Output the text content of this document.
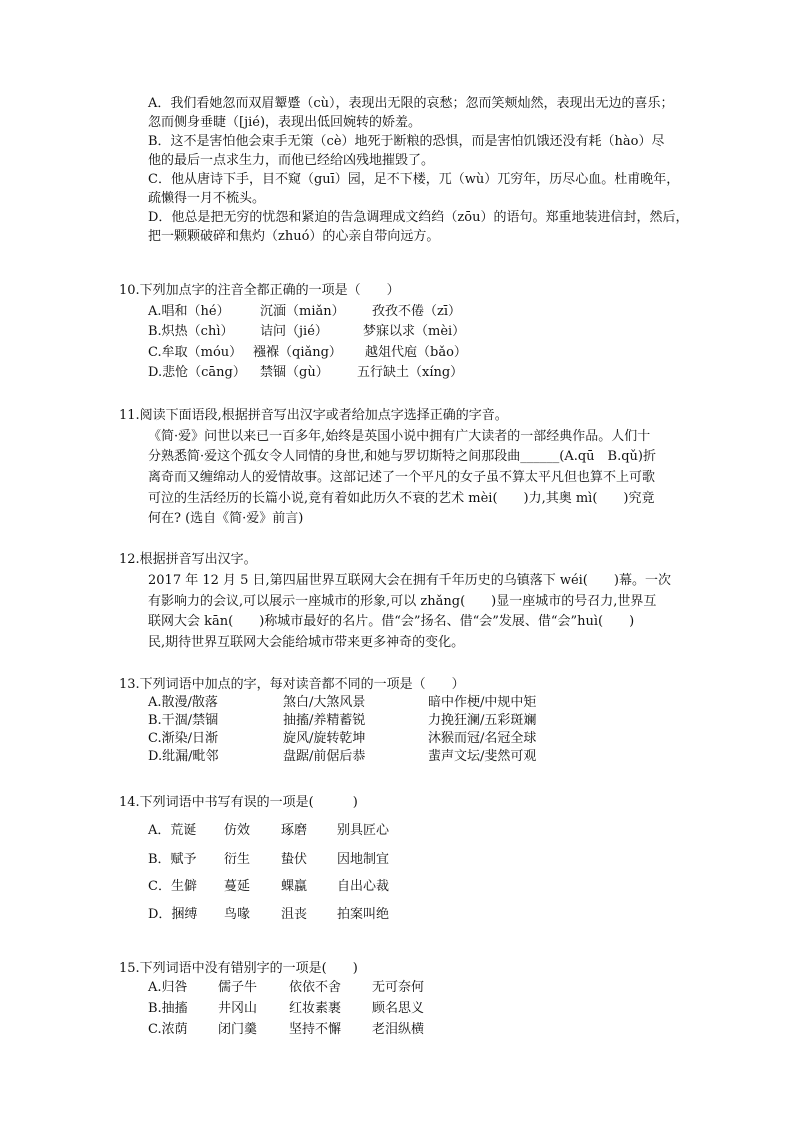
A．我们看她忽而双眉颦蹙（cù），表现出无限的哀愁；忽而笑颊灿然，表现出无边的喜乐；
忽而侧身垂睫（[jié)，表现出低回婉转的娇羞。
B．这不是害怕他会束手无策（cè）地死于断粮的恐惧，而是害怕饥饿还没有耗（hào）尽
他的最后一点求生力，而他已经给凶残地摧毁了。
C．他从唐诗下手，目不窥（guī）园，足不下楼，兀（wù）兀穷年，历尽心血。杜甫晚年，
疏懒得一月不梳头。
D．他总是把无穷的忧怨和紧迫的告急调理成文绉绉（zōu）的语句。郑重地装进信封，然后，
把一颗颗破碎和焦灼（zhuó）的心亲自带向远方。
10.下列加点字的注音全都正确的一项是（　　）
A.唱和（hé） 沉湎（miǎn） 孜孜不倦（zī）
B.炽热（chì） 诘问（jié）	梦寐以求（mèi）
C.牟取（móu） 襁褓（qiǎng） 越俎代庖（bǎo）
D.悲怆（cāng） 禁锢（gù） 五行缺土（xíng）
11.阅读下面语段,根据拼音写出汉字或者给加点字选择正确的字音。
《简·爱》问世以来已一百多年,始终是英国小说中拥有广大读者的一部经典作品。人们十
分熟悉简·爱这个孤女令人同情的身世,和她与罗切斯特之间那段曲______(A.qū　B.qǔ)折
离奇而又缠绵动人的爱情故事。这部记述了一个平凡的女子虽不算太平凡但也算不上可歌
可泣的生活经历的长篇小说,竟有着如此历久不衰的艺术 mèi(　　)力,其奥 mì(　　)究竟
何在? (选自《简·爱》前言)
12.根据拼音写出汉字。
2017 年 12 月 5 日,第四届世界互联网大会在拥有千年历史的乌镇落下 wéi(　　)幕。一次
有影响力的会议,可以展示一座城市的形象,可以 zhǎng(　　)显一座城市的号召力,世界互
联网大会 kān(　　)称城市最好的名片。借“会”扬名、借“会”发展、借“会”huì(　　)
民,期待世界互联网大会能给城市带来更多神奇的变化。
13.下列词语中加点的字，每对读音都不同的一项是（　　）
A.散漫/散落	煞白/大煞风景	暗中作梗/中规中矩
B.干涸/禁锢	抽搐/养精蓄锐	力挽狂澜/五彩斑斓
C.渐染/日渐	旋风/旋转乾坤	沐猴而冠/名冠全球
D.纰漏/毗邻	盘踞/前倨后恭	蜚声文坛/斐然可观
14.下列词语中书写有误的一项是(　　　)
A．荒诞 仿效 琢磨 别具匠心
B．赋予 衍生 蛰伏 因地制宜
C．生僻 蔓延 蜾蠃 自出心裁
D．捆缚 鸟喙 沮丧 拍案叫绝
15.下列词语中没有错别字的一项是(　　)
A.归咎 儒子牛 依依不舍 无可奈何
B.抽搐 井冈山 红妆素裹 顾名思义
C.浓荫 闭门羹 坚持不懈 老泪纵横
